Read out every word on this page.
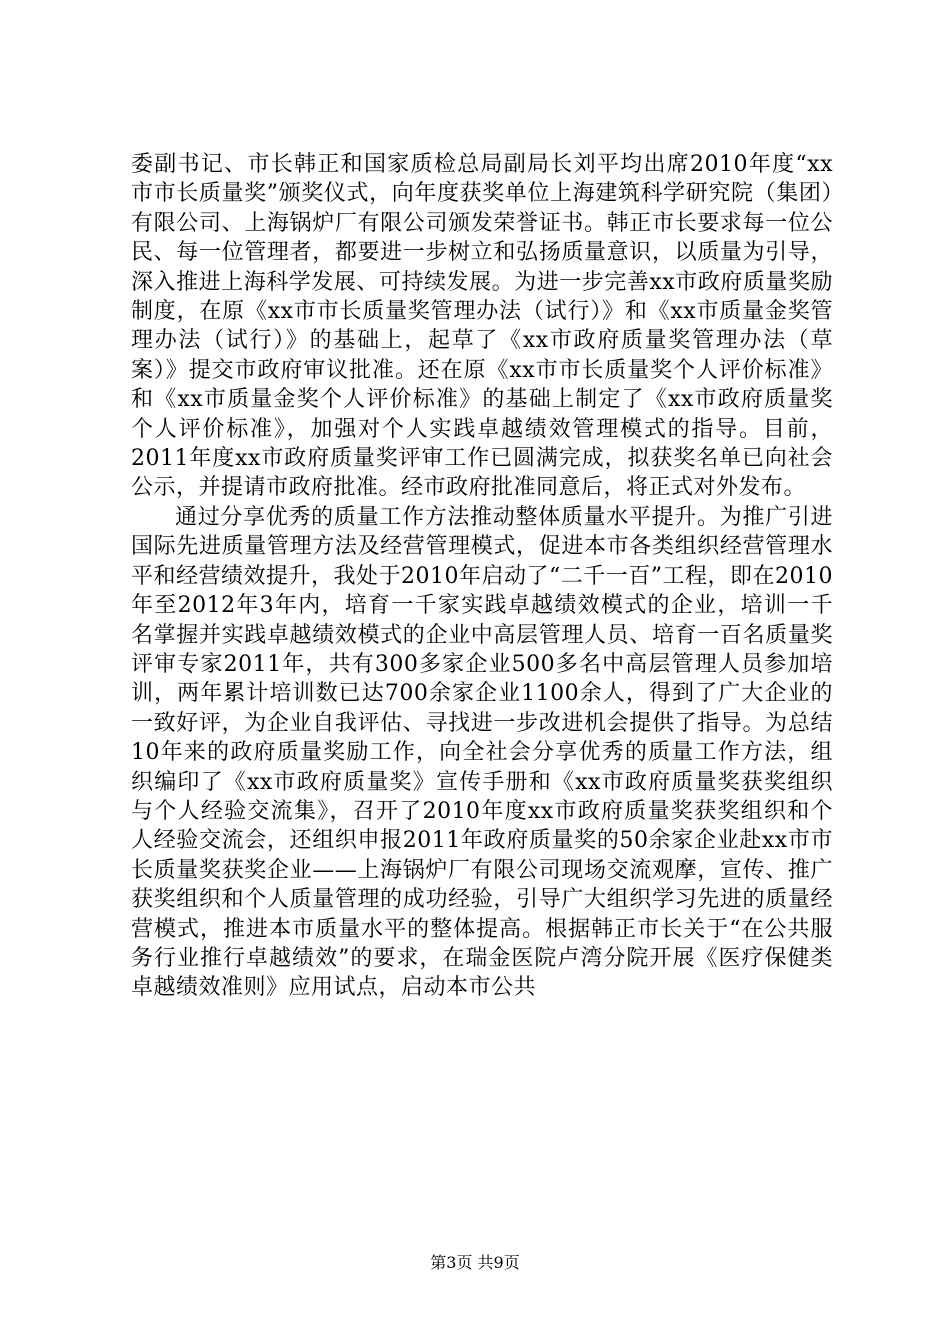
委副书记、市长韩正和国家质检总局副局长刘平均出席2010年度“xx市市长质量奖”颁奖仪式，向年度获奖单位上海建筑科学研究院（集团）有限公司、上海锅炉厂有限公司颁发荣誉证书。韩正市长要求每一位公民、每一位管理者，都要进一步树立和弘扬质量意识，以质量为引导，深入推进上海科学发展、可持续发展。为进一步完善xx市政府质量奖励制度，在原《xx市市长质量奖管理办法（试行）》和《xx市质量金奖管理办法（试行）》的基础上，起草了《xx市政府质量奖管理办法（草案）》提交市政府审议批准。还在原《xx市市长质量奖个人评价标准》和《xx市质量金奖个人评价标准》的基础上制定了《xx市政府质量奖个人评价标准》，加强对个人实践卓越绩效管理模式的指导。目前，2011年度xx市政府质量奖评审工作已圆满完成，拟获奖名单已向社会公示，并提请市政府批准。经市政府批准同意后，将正式对外发布。

通过分享优秀的质量工作方法推动整体质量水平提升。为推广引进国际先进质量管理方法及经营管理模式，促进本市各类组织经营管理水平和经营绩效提升，我处于2010年启动了“二千一百”工程，即在2010年至2012年3年内，培育一千家实践卓越绩效模式的企业，培训一千名掌握并实践卓越绩效模式的企业中高层管理人员、培育一百名质量奖评审专家2011年，共有300多家企业500多名中高层管理人员参加培训，两年累计培训数已达700余家企业1100余人，得到了广大企业的一致好评，为企业自我评估、寻找进一步改进机会提供了指导。为总结10年来的政府质量奖励工作，向全社会分享优秀的质量工作方法，组织编印了《xx市政府质量奖》宣传手册和《xx市政府质量奖获奖组织与个人经验交流集》，召开了2010年度xx市政府质量奖获奖组织和个人经验交流会，还组织申报2011年政府质量奖的50余家企业赴xx市市长质量奖获奖企业——上海锅炉厂有限公司现场交流观摩，宣传、推广获奖组织和个人质量管理的成功经验，引导广大组织学习先进的质量经营模式，推进本市质量水平的整体提高。根据韩正市长关于“在公共服务行业推行卓越绩效”的要求，在瑞金医院卢湾分院开展《医疗保健类卓越绩效准则》应用试点，启动本市公共

第3页 共9页
